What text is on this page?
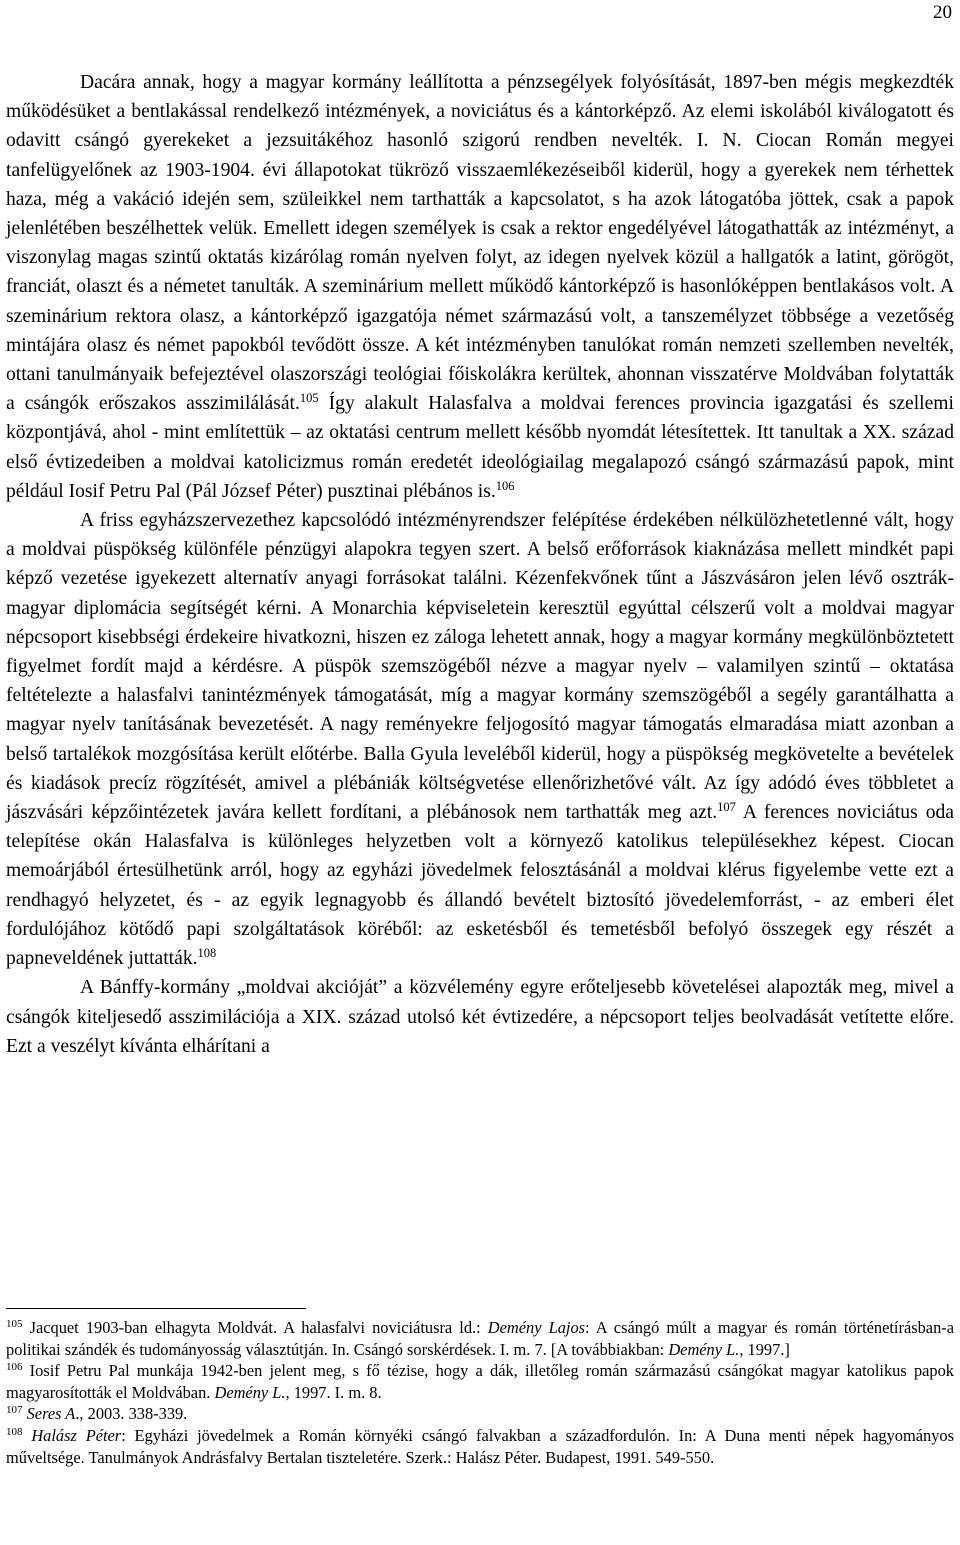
20

Dacára annak, hogy a magyar kormány leállította a pénzsegélyek folyósítását, 1897-ben mégis megkezdték működésüket a bentlakással rendelkező intézmények, a noviciátus és a kántorképző. Az elemi iskolából kiválogatott és odavitt csángó gyerekeket a jezsuitákéhoz hasonló szigorú rendben nevelték. I. N. Ciocan Román megyei tanfelügyelőnek az 1903-1904. évi állapotokat tükröző visszaemlékezéseiből kiderül, hogy a gyerekek nem térhettek haza, még a vakáció idején sem, szüleikkel nem tarthatták a kapcsolatot, s ha azok látogatóba jöttek, csak a papok jelenlétében beszélhettek velük. Emellett idegen személyek is csak a rektor engedélyével látogathatták az intézményt, a viszonylag magas szintű oktatás kizárólag román nyelven folyt, az idegen nyelvek közül a hallgatók a latint, görögöt, franciát, olaszt és a németet tanulták. A szeminárium mellett működő kántorképző is hasonlóképpen bentlakásos volt. A szeminárium rektora olasz, a kántorképző igazgatója német származású volt, a tanszemélyzet többsége a vezetőség mintájára olasz és német papokból tevődött össze. A két intézményben tanulókat román nemzeti szellemben nevelték, ottani tanulmányaik befejeztével olaszországi teológiai főiskolákra kerültek, ahonnan visszatérve Moldvában folytatták a csángók erőszakos asszimilálását.$^{105}$ Így alakult Halasfalva a moldvai ferences provincia igazgatási és szellemi központjává, ahol - mint említettük – az oktatási centrum mellett később nyomdát létesítettek. Itt tanultak a XX. század első évtizedeiben a moldvai katolicizmus román eredetét ideológiailag megalapozó csángó származású papok, mint például Iosif Petru Pal (Pál József Péter) pusztinai plébános is.$^{106}$

A friss egyházszervezethez kapcsolódó intézményrendszer felépítése érdekében nélkülözhetetlenné vált, hogy a moldvai püspökség különféle pénzügyi alapokra tegyen szert. A belső erőforrások kiaknázása mellett mindkét papi képző vezetése igyekezett alternatív anyagi forrásokat találni. Kézenfekvőnek tűnt a Jászvásáron jelen lévő osztrák-magyar diplomácia segítségét kérni. A Monarchia képviseletein keresztül egyúttal célszerű volt a moldvai magyar népcsoport kisebbségi érdekeire hivatkozni, hiszen ez záloga lehetett annak, hogy a magyar kormány megkülönböztetett figyelmet fordít majd a kérdésre. A püspök szemszögéből nézve a magyar nyelv – valamilyen szintű – oktatása feltételezte a halasfalvi tanintézmények támogatását, míg a magyar kormány szemszögéből a segély garantálhatta a magyar nyelv tanításának bevezetését. A nagy reményekre feljogosító magyar támogatás elmaradása miatt azonban a belső tartalékok mozgósítása került előtérbe. Balla Gyula leveléből kiderül, hogy a püspökség megkövetelte a bevételek és kiadások precíz rögzítését, amivel a plébániák költségvetése ellenőrizhetővé vált. Az így adódó éves többletet a jászvásári képzőintézetek javára kellett fordítani, a plébánosok nem tarthatták meg azt.$^{107}$ A ferences noviciátus oda telepítése okán Halasfalva is különleges helyzetben volt a környező katolikus településekhez képest. Ciocan memoárjából értesülhetünk arról, hogy az egyházi jövedelmek felosztásánál a moldvai klérus figyelembe vette ezt a rendhagyó helyzetet, és - az egyik legnagyobb és állandó bevételt biztosító jövedelemforrást, - az emberi élet fordulójához kötődő papi szolgáltatások köréből: az esketésből és temetésből befolyó összegek egy részét a papneveldének juttatták.$^{108}$

A Bánffy-kormány „moldvai akcióját” a közvélemény egyre erőteljesebb követelései alapozták meg, mivel a csángók kiteljesedő asszimilációja a XIX. század utolsó két évtizedére, a népcsoport teljes beolvadását vetítette előre. Ezt a veszélyt kívánta elhárítani a

$^{105}$ Jacquet 1903-ban elhagyta Moldvát. A halasfalvi noviciátusra ld.: Demény Lajos: A csángó múlt a magyar és román történetírásban-a politikai szándék és tudományosság választútján. In. Csángó sorskérdések. I. m. 7. [A továbbiakban: Demény L., 1997.]

$^{106}$ Iosif Petru Pal munkája 1942-ben jelent meg, s fő tézise, hogy a dák, illetőleg román származású csángókat magyar katolikus papok magyarosították el Moldvában. Demény L., 1997. I. m. 8.

$^{107}$ Seres A., 2003. 338-339.

$^{108}$ Halász Péter: Egyházi jövedelmek a Román környéki csángó falvakban a századfordulón. In: A Duna menti népek hagyományos műveltsége. Tanulmányok Andrásfalvy Bertalan tiszteletére. Szerk.: Halász Péter. Budapest, 1991. 549-550.
